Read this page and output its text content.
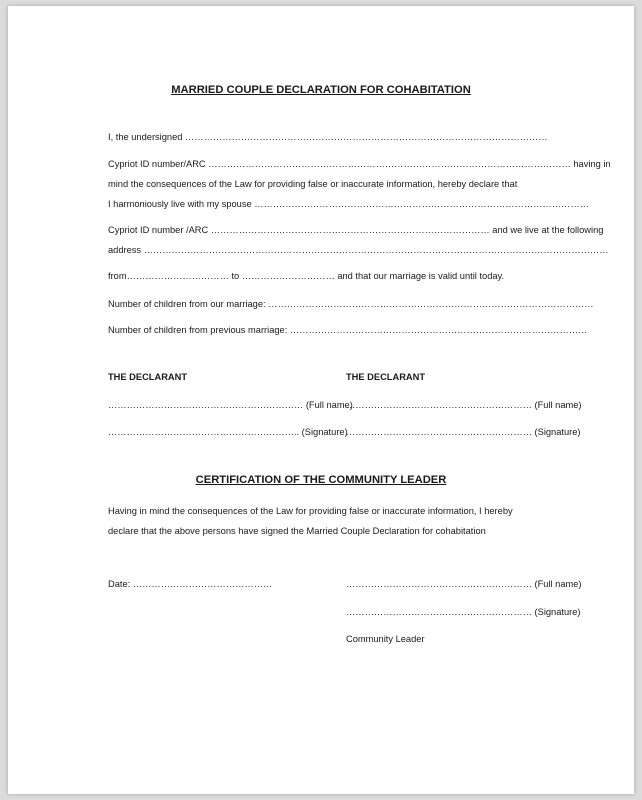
MARRIED COUPLE DECLARATION FOR COHABITATION
I, the undersigned ………………………………………………………………………………………………………
Cypriot ID number/ARC ……………………………………………………………………………………………………… having in
mind the consequences of the Law for providing false or inaccurate information, hereby declare that
I harmoniously live with my spouse ………………………………………………………………………………………………
Cypriot ID number /ARC ……………………………………………………………………………… and we live at the following
address ……………………………………………………………………………………………………………………………………
from…………………………… to ………………………… and that our marriage is valid until today.
Number of children from our marriage: ……………………………………………………………………………………………
Number of children from previous marriage: ……………………………………………………………………………………
THE DECLARANT
……………………………………………………… (Full name)
…………………………………………………….. (Signature)
THE DECLARANT
…………………………………………………… (Full name)
…………………………………………………… (Signature)
CERTIFICATION OF THE COMMUNITY LEADER
Having in mind the consequences of the Law for providing false or inaccurate information, I hereby
declare that the above persons have signed the Married Couple Declaration for cohabitation
Date: ………………………………………	…………………………………………………… (Full name)
…………………………………………………… (Signature)
Community Leader
